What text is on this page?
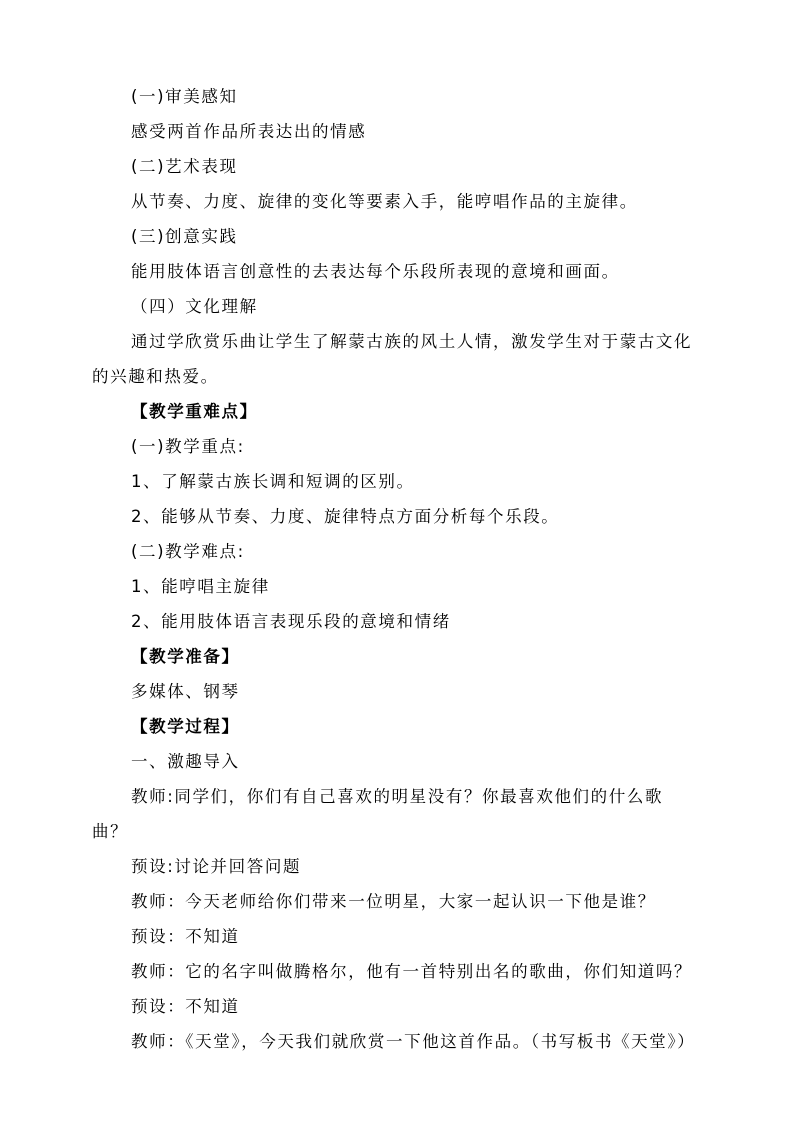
(一)审美感知
感受两首作品所表达出的情感
(二)艺术表现
从节奏、力度、旋律的变化等要素入手，能哼唱作品的主旋律。
(三)创意实践
能用肢体语言创意性的去表达每个乐段所表现的意境和画面。
（四）文化理解
通过学欣赏乐曲让学生了解蒙古族的风土人情，激发学生对于蒙古文化
的兴趣和热爱。
【教学重难点】
(一)教学重点:
1、了解蒙古族长调和短调的区别。
2、能够从节奏、力度、旋律特点方面分析每个乐段。
(二)教学难点:
1、能哼唱主旋律
2、能用肢体语言表现乐段的意境和情绪
【教学准备】
多媒体、钢琴
【教学过程】
一、激趣导入
教师:同学们，你们有自己喜欢的明星没有？你最喜欢他们的什么歌
曲？
预设:讨论并回答问题
教师：今天老师给你们带来一位明星，大家一起认识一下他是谁？
预设：不知道
教师：它的名字叫做腾格尔，他有一首特别出名的歌曲，你们知道吗？
预设：不知道
教师：《天堂》，今天我们就欣赏一下他这首作品。（书写板书《天堂》）
